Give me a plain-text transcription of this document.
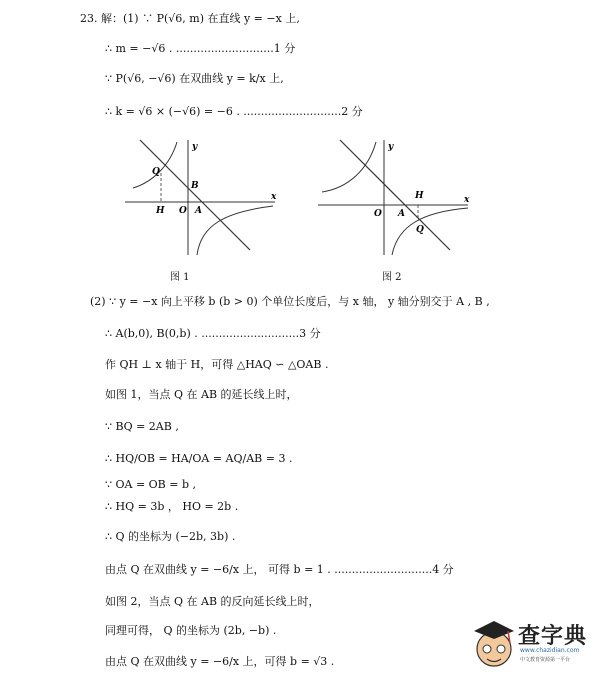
23. 解：(1) ∵ P(√6, m) 在直线 y = −x 上,
∴ m = −√6 . ............................1 分
∵ P(√6, −√6) 在双曲线 y = k/x 上,
∴ k = √6 × (−√6) = −6 . ............................2 分
Q
B
H O A
x
y
图 1
H
O A
Q
x
y
图 2
(2) ∵ y = −x 向上平移 b (b > 0) 个单位长度后，与 x 轴， y 轴分别交于 A , B ,
∴ A(b,0), B(0,b) . ............................3 分
作 QH ⊥ x 轴于 H，可得 △HAQ ∽ △OAB .
如图 1，当点 Q 在 AB 的延长线上时，
∵ BQ = 2AB ,
∴ HQ/OB = HA/OA = AQ/AB = 3 .
∵ OA = OB = b ,
∴ HQ = 3b ， HO = 2b .
∴ Q 的坐标为 (−2b, 3b) .
由点 Q 在双曲线 y = −6/x 上， 可得 b = 1 . ............................4 分
如图 2，当点 Q 在 AB 的反向延长线上时，
同理可得， Q 的坐标为 (2b, −b) .
由点 Q 在双曲线 y = −6/x 上，可得 b = √3 .
查字典
www.chazidian.com
中文教育资源第一平台
